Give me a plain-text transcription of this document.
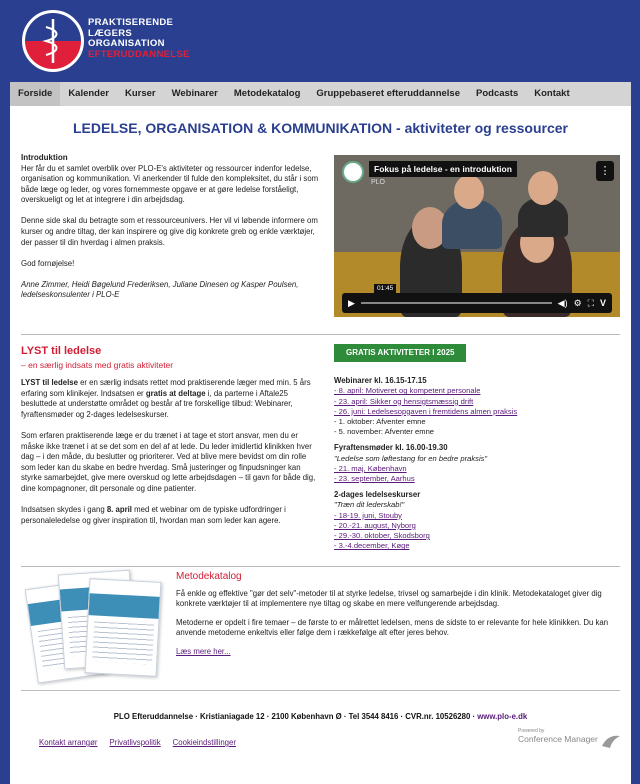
PRAKTISERENDE
LÆGERS
ORGANISATION
EFTERUDDANNELSE
Forside	Kalender	Kurser	Webinarer	Metodekatalog	Gruppebaseret efteruddannelse	Podcasts	Kontakt
LEDELSE, ORGANISATION & KOMMUNIKATION - aktiviteter og ressourcer
Introduktion

Her får du et samlet overblik over PLO-E's aktiviteter og ressourcer indenfor ledelse, organisation og kommunikation. Vi anerkender til fulde den kompleksitet, du står i som både læge og leder, og vores fornemmeste opgave er at gøre ledelse forståeligt, overskueligt og let at integrere i din arbejdsdag.

Denne side skal du betragte som et ressourceunivers. Her vil vi løbende informere om kurser og andre tiltag, der kan inspirere og give dig konkrete greb og enkle værktøjer, der passer til din hverdag i almen praksis.

God fornøjelse!

Anne Zimmer, Heidi Bøgelund Frederiksen, Juliane Dinesen og Kasper Poulsen, ledelseskonsulenter i PLO-E

Fokus på ledelse - en introduktion
PLO
⋮
01:45
▶	◀) ⚙ ⛶ V
LYST til ledelse
– en særlig indsats med gratis aktiviteter

LYST til ledelse er en særlig indsats rettet mod praktiserende læger med min. 5 års erfaring som klinikejer. Indsatsen er gratis at deltage i, da parterne i Aftale25 besluttede at understøtte området og består af tre forskellige tilbud: Webinarer, fyraftensmøder og 2-dages ledelseskurser.

Som erfaren praktiserende læge er du trænet i at tage et stort ansvar, men du er måske ikke trænet i at se det som en del af at lede. Du leder imidlertid klinikken hver dag – i den måde, du beslutter og prioriterer. Ved at blive mere bevidst om din rolle som leder kan du skabe en bedre hverdag. Små justeringer og finpudsninger kan styrke samarbejdet, give mere overskud og lette arbejdsdagen – til gavn for både dig, dine kompagnoner, dit personale og dine patienter.

Indsatsen skydes i gang 8. april med et webinar om de typiske udfordringer i personaleledelse og giver inspiration til, hvordan man som leder kan agere.

GRATIS AKTIVITETER I 2025
Webinarer kl. 16.15-17.15
- 8. april: Motiveret og kompetent personale
- 23. april: Sikker og hensigtsmæssig drift
- 26. juni: Ledelsesopgaven i fremtidens almen praksis
- 1. oktober: Afventer emne
- 5. november: Afventer emne
Fyraftensmøder kl. 16.00-19.30
"Ledelse som løftestang for en bedre praksis"
- 21. maj, København
- 23. september, Aarhus
2-dages ledelseskurser
"Træn dit lederskab!"
- 18-19. juni, Stouby
- 20.-21. august, Nyborg
- 29.-30. oktober, Skodsborg
- 3.-4.december, Køge
Metodekatalog

Få enkle og effektive "gør det selv"-metoder til at styrke ledelse, trivsel og samarbejde i din klinik. Metodekataloget giver dig konkrete værktøjer til at implementere nye tiltag og skabe en mere velfungerende arbejdsdag.

Metoderne er opdelt i fire temaer – de første to er målrettet ledelsen, mens de sidste to er relevante for hele klinikken. Du kan anvende metoderne enkeltvis eller følge dem i rækkefølge alt efter jeres behov.

Læs mere her...
PLO Efteruddannelse · Kristianiagade 12 · 2100 København Ø · Tel 3544 8416 · CVR.nr. 10526280 · www.plo-e.dk
Kontakt arrangør Privatlivspolitik Cookieindstillinger
Powered by
Conference Manager
